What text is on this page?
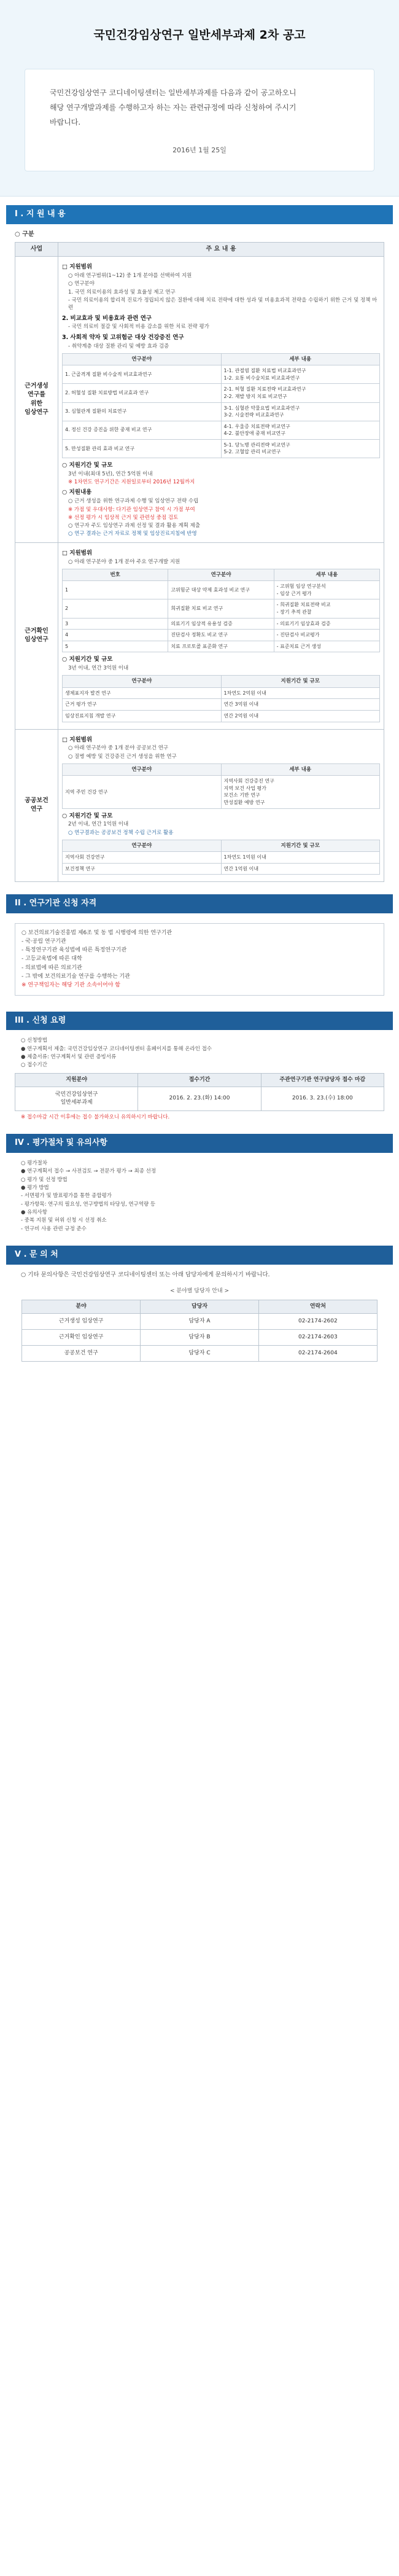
국민건강임상연구 일반세부과제 2차 공고
국민건강임상연구 코디네이팅센터는 일반세부과제를 다음과 같이 공고하오니
해당 연구개발과제를 수행하고자 하는 자는 관련규정에 따라 신청하여 주시기
바랍니다.
2016년 1월 25일
I . 지 원 내 용
○ 구분
사업	주 요 내 용
근거생성
연구를
위한
임상연구	
□ 지원범위
○ 아래 연구범위(1~12) 중 1개 분야를 선택하여 지원
○ 연구분야
1. 국민 의료이용의 효과성 및 효율성 제고 연구
- 국민 의료이용의 합리적 진료가 정립되지 않은 질환에 대해 치료 전략에 대한 성과 및 비용효과적 전략을 수립하기 위한 근거 및 정책 마련
2. 비교효과 및 비용효과 관련 연구
- 국민 의료비 절감 및 사회적 비용 감소를 위한 치료 전략 평가
3. 사회적 약자 및 고위험군 대상 건강증진 연구
- 취약계층 대상 질환 관리 및 예방 효과 검증
연구분야	세부 내용
1. 근골격계 질환 비수술적 비교효과연구	1-1. 관절염 질환 치료법 비교효과연구
1-2. 요통 비수술치료 비교효과연구
2. 허혈성 질환 치료방법 비교효과 연구	2-1. 허혈 질환 치료전략 비교효과연구
2-2. 재발 방지 치료 비교연구
3. 심혈관계 질환의 치료연구	3-1. 심혈관 약물요법 비교효과연구
3-2. 시술전략 비교효과연구
4. 정신 건강 증진을 위한 중재 비교 연구	4-1. 우울증 치료전략 비교연구
4-2. 불안장애 중재 비교연구
5. 만성질환 관리 효과 비교 연구	5-1. 당뇨병 관리전략 비교연구
5-2. 고혈압 관리 비교연구
○ 지원기간 및 규모
3년 이내(최대 5년), 연간 5억원 이내
※ 1차연도 연구기간은 지원일로부터 2016년 12월까지
○ 지원내용
○ 근거 생성을 위한 연구과제 수행 및 임상연구 전략 수립
※ 가점 및 우대사항: 다기관 임상연구 참여 시 가점 부여
※ 선정 평가 시 임상적 근거 및 관련성 중점 검토
○ 연구자 주도 임상연구 과제 선정 및 결과 활용 계획 제출
○ 연구 결과는 근거 자료로 정책 및 임상진료지침에 반영

근거확인
임상연구	
□ 지원범위
○ 아래 연구분야 중 1개 분야 주요 연구개발 지원
번호	연구분야	세부 내용
1	고위험군 대상 약제 효과성 비교 연구	- 고위험 임상 연구분석
- 임상 근거 평가
2	희귀질환 치료 비교 연구	- 희귀질환 치료전략 비교
- 장기 추적 관찰
3	의료기기 임상적 유용성 검증	- 의료기기 임상효과 검증
4	진단검사 정확도 비교 연구	- 진단검사 비교평가
5	치료 프로토콜 표준화 연구	- 표준치료 근거 생성
○ 지원기간 및 규모
3년 이내, 연간 3억원 이내
연구분야	지원기간 및 규모
생체표지자 발견 연구	1차연도 2억원 이내
근거 평가 연구	연간 3억원 이내
임상진료지침 개발 연구	연간 2억원 이내

공공보건
연구	
□ 지원범위
○ 아래 연구분야 중 1개 분야 공공보건 연구
○ 질병 예방 및 건강증진 근거 생성을 위한 연구
연구분야	세부 내용
지역 주민 건강 연구	지역사회 건강증진 연구
지역 보건 사업 평가
보건소 기반 연구
만성질환 예방 연구
○ 지원기간 및 규모
2년 이내, 연간 1억원 이내
○ 연구결과는 공공보건 정책 수립 근거로 활용
연구분야	지원기간 및 규모
지역사회 건강연구	1차연도 1억원 이내
보건정책 연구	연간 1억원 이내
II . 연구기관 신청 자격
○ 보건의료기술진흥법 제6조 및 동 법 시행령에 의한 연구기관
- 국·공립 연구기관
- 특정연구기관 육성법에 따른 특정연구기관
- 고등교육법에 따른 대학
- 의료법에 따른 의료기관
- 그 밖에 보건의료기술 연구를 수행하는 기관
※ 연구책임자는 해당 기관 소속이어야 함
III . 신청 요령
○ 신청방법
● 연구계획서 제출: 국민건강임상연구 코디네이팅센터 홈페이지를 통해 온라인 접수
● 제출서류: 연구계획서 및 관련 증빙서류
○ 접수기간
지원분야	접수기간	주관연구기관 연구담당자 접수 마감
국민건강임상연구
일반세부과제	2016. 2. 23.(화) 14:00	2016. 3. 23.(수) 18:00
※ 접수마감 시간 이후에는 접수 불가하오니 유의하시기 바랍니다.
IV . 평가절차 및 유의사항
○ 평가절차
● 연구계획서 접수 → 사전검토 → 전문가 평가 → 최종 선정
○ 평가 및 선정 방법
● 평가 방법
- 서면평가 및 발표평가를 통한 종합평가
- 평가항목: 연구의 필요성, 연구방법의 타당성, 연구역량 등
● 유의사항
- 중복 지원 및 허위 신청 시 선정 취소
- 연구비 사용 관련 규정 준수
V . 문 의 처
○ 기타 문의사항은 국민건강임상연구 코디네이팅센터 또는 아래 담당자에게 문의하시기 바랍니다.
< 분야별 담당자 안내 >
분야	담당자	연락처
근거생성 임상연구	담당자 A	02-2174-2602
근거확인 임상연구	담당자 B	02-2174-2603
공공보건 연구	담당자 C	02-2174-2604
